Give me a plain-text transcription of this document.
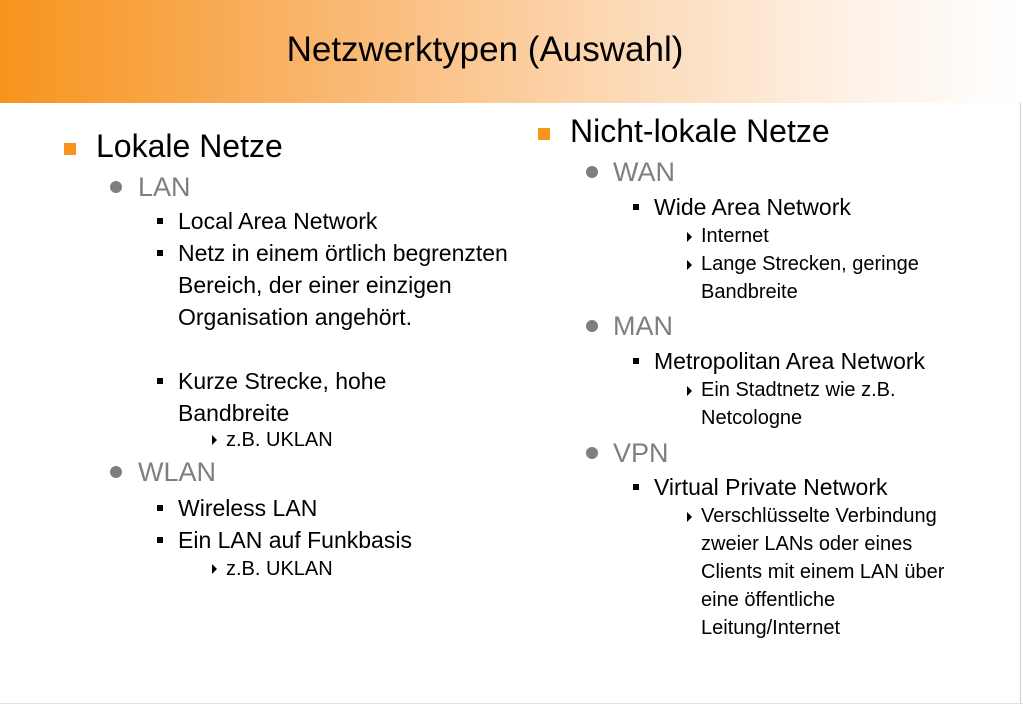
Netzwerktypen (Auswahl)
Lokale Netze
LAN
Local Area Network
Netz in einem örtlich begrenzten Bereich, der einer einzigen Organisation angehört.
Kurze Strecke, hohe Bandbreite
z.B. UKLAN
WLAN
Wireless LAN
Ein LAN auf Funkbasis
z.B. UKLAN
Nicht-lokale Netze
WAN
Wide Area Network
Internet
Lange Strecken, geringe Bandbreite
MAN
Metropolitan Area Network
Ein Stadtnetz wie z.B. Netcologne
VPN
Virtual Private Network
Verschlüsselte Verbindung zweier LANs oder eines Clients mit einem LAN über eine öffentliche Leitung/Internet
